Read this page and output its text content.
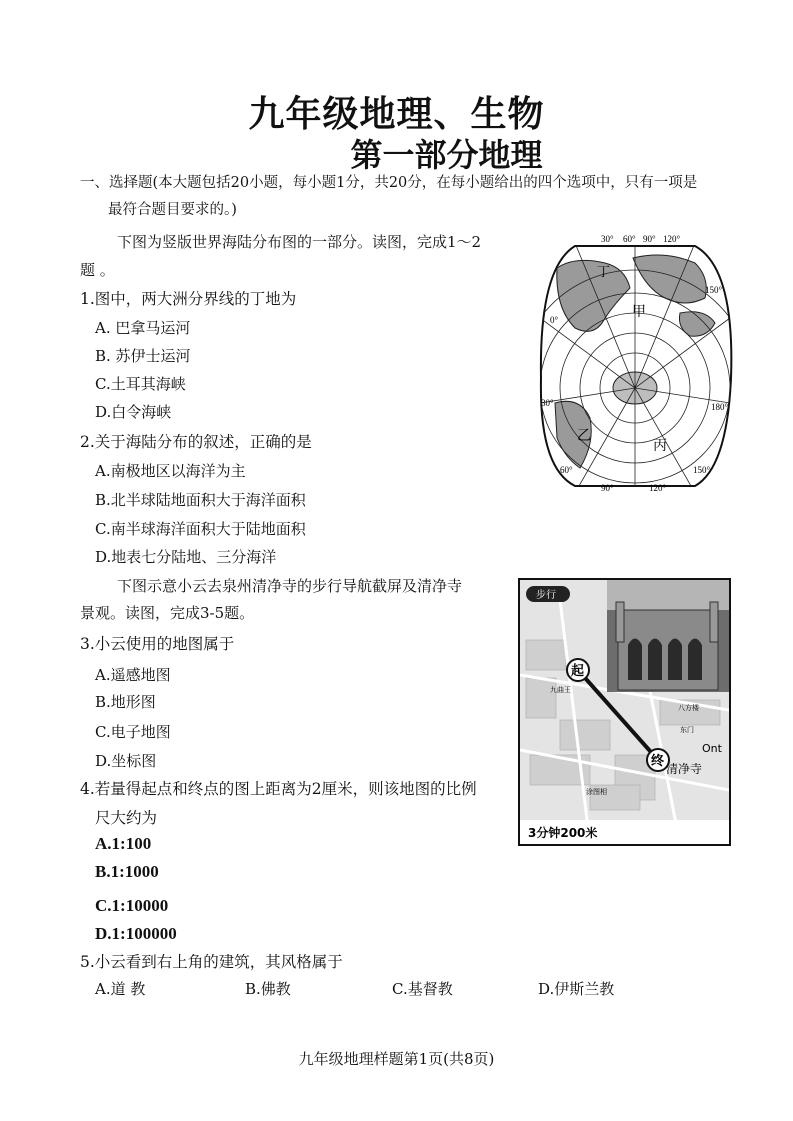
九年级地理、生物
第一部分地理
一、选择题(本大题包括20小题，每小题1分，共20分，在每小题给出的四个选项中，只有一项是
最符合题目要求的。)
下图为竖版世界海陆分布图的一部分。读图，完成1～2
题 。
1.图中，两大洲分界线的丁地为
A. 巴拿马运河
B. 苏伊士运河
C.土耳其海峡
D.白令海峡
2.关于海陆分布的叙述，正确的是
A.南极地区以海洋为主
B.北半球陆地面积大于海洋面积
C.南半球海洋面积大于陆地面积
D.地表七分陆地、三分海洋
下图示意小云去泉州清净寺的步行导航截屏及清净寺
景观。读图，完成3-5题。
3.小云使用的地图属于
A.遥感地图
B.地形图
C.电子地图
D.坐标图
4.若量得起点和终点的图上距离为2厘米，则该地图的比例
尺大约为
A.1:100
B.1:1000
C.1:10000
D.1:100000
5.小云看到右上角的建筑，其风格属于
A.道 教	B.佛教	C.基督教	D.伊斯兰教
30° 60° 90° 120°
150°
0°
180°
30°
150°
60°
90°	120°
丁
甲
乙
丙
步行
起
终
九曲王
八方楼
东门
Ont
清净寺
涂图相
3分钟200米
九年级地理样题第1页(共8页)
